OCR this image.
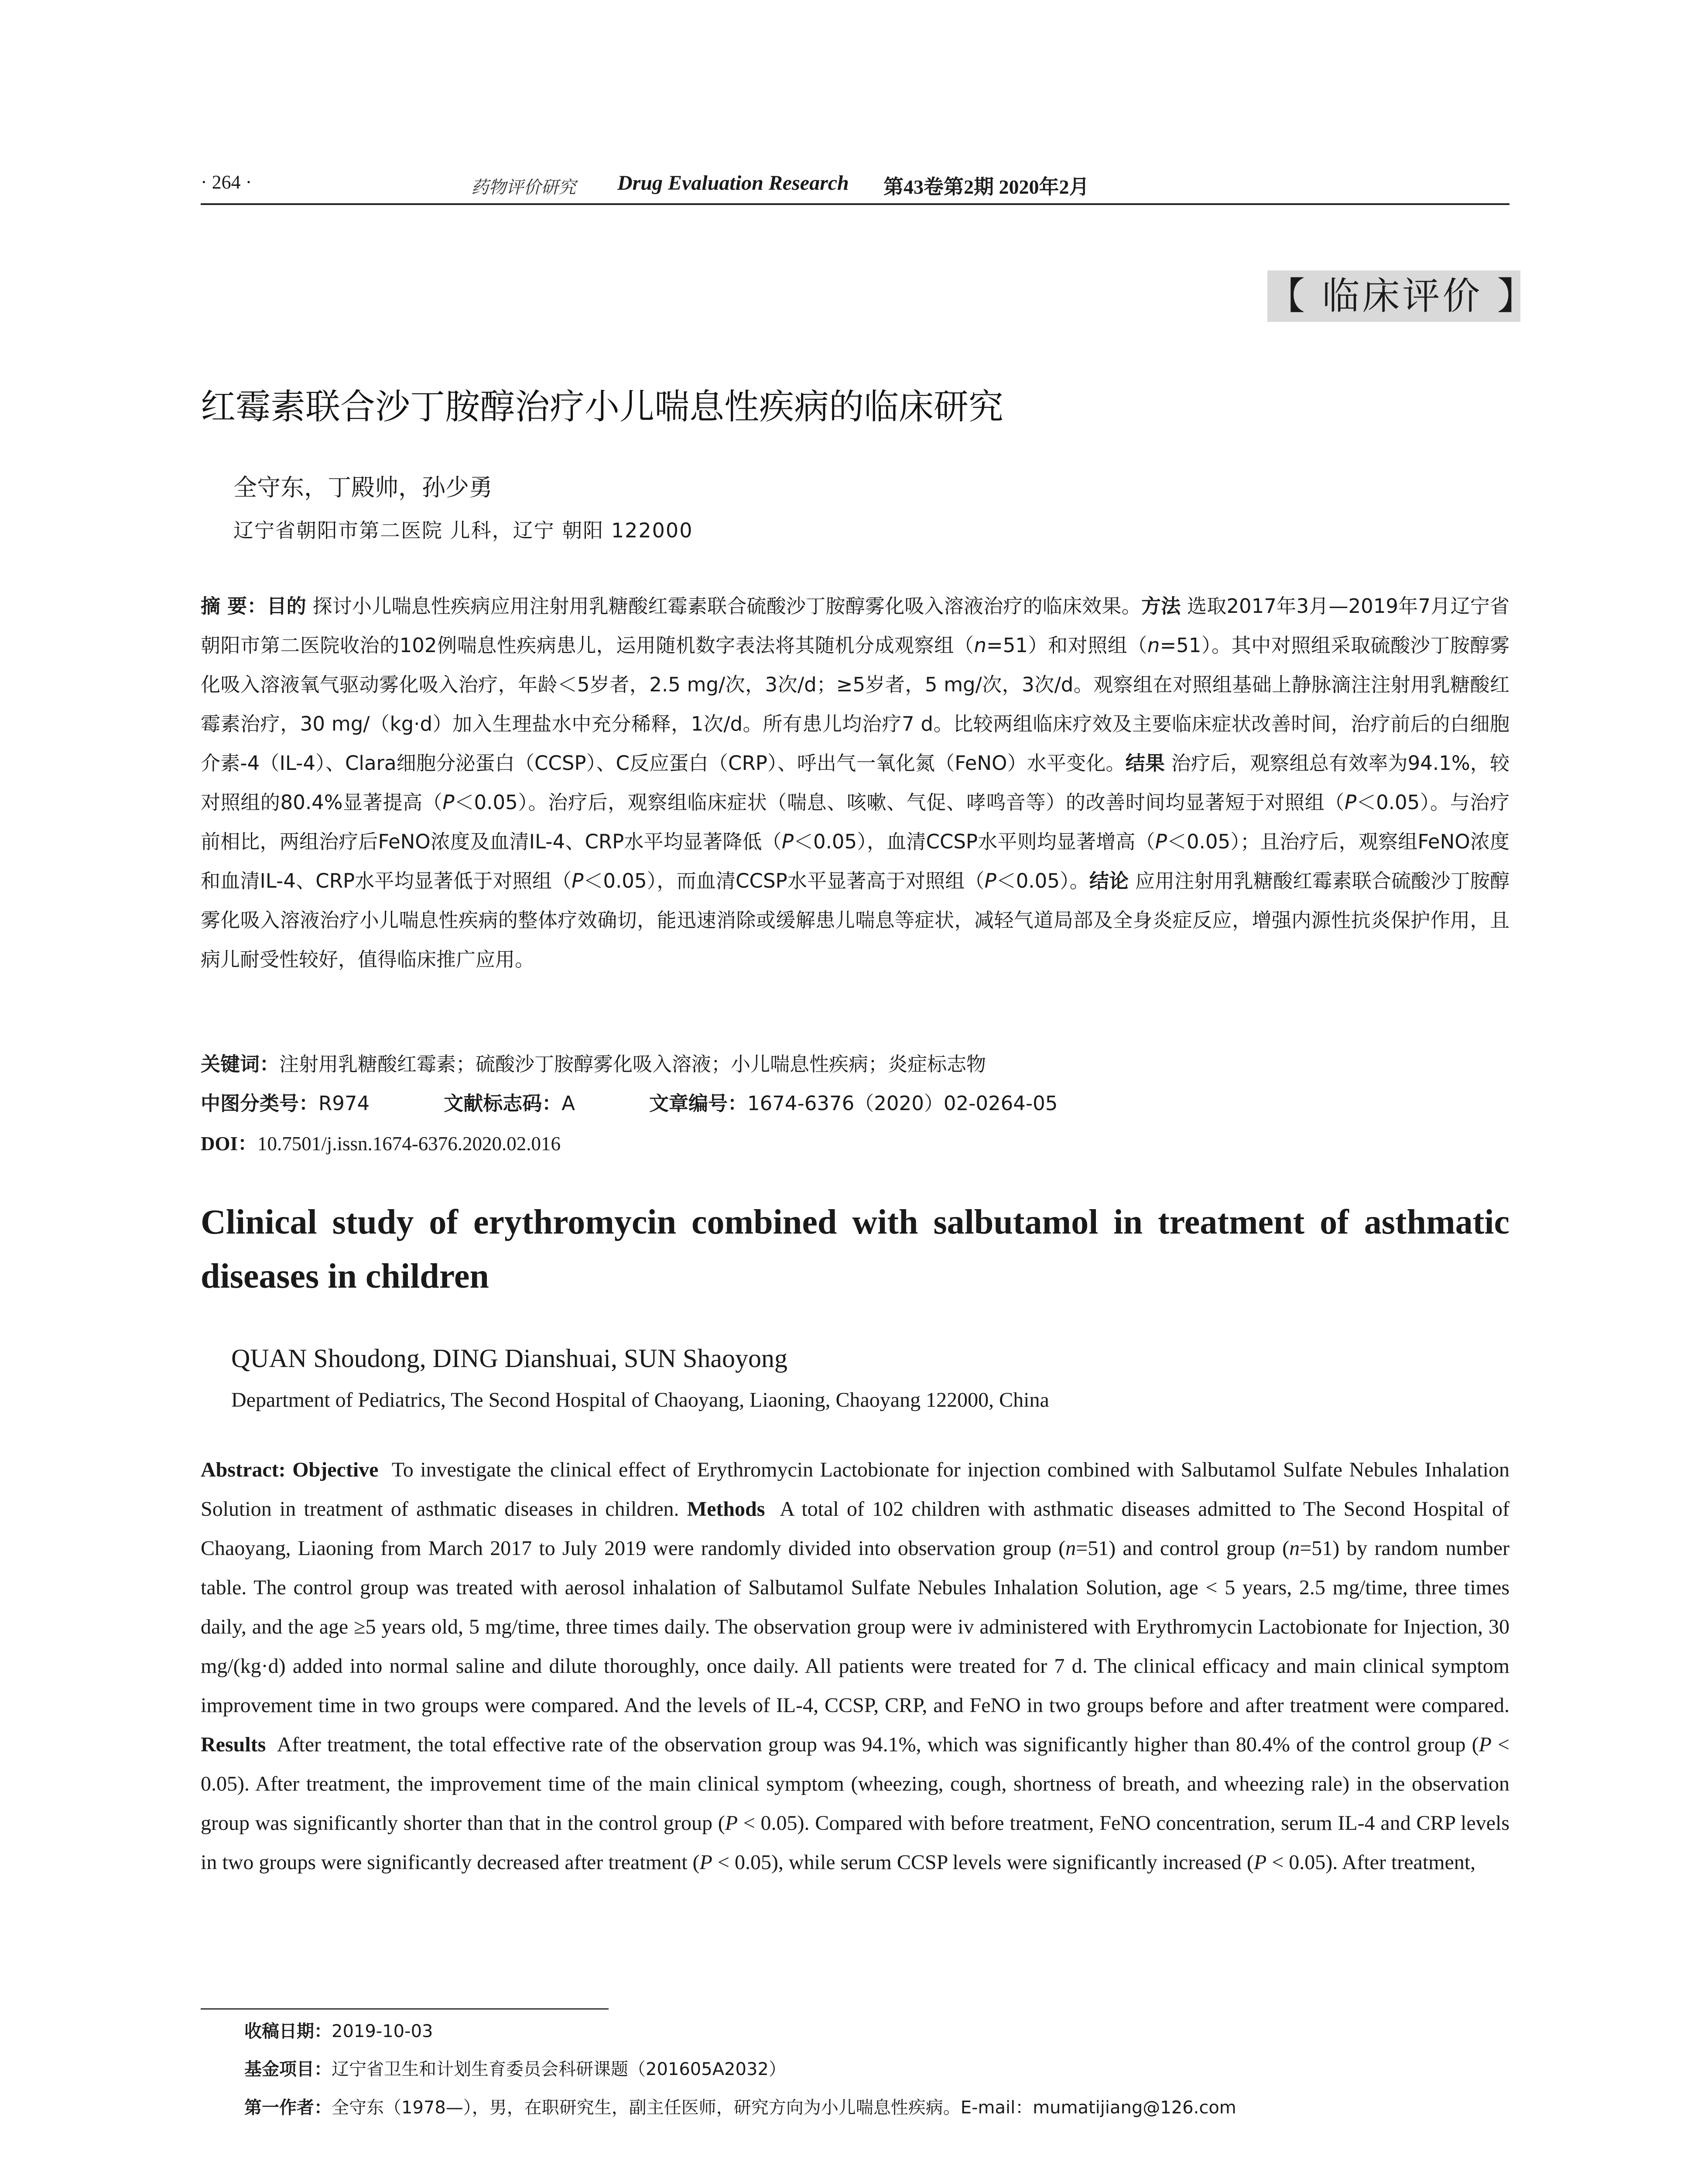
· 264 ·	药物评价研究 Drug Evaluation Research 第43卷第2期 2020年2月
【 临床评价 】
红霉素联合沙丁胺醇治疗小儿喘息性疾病的临床研究
全守东，丁殿帅，孙少勇
辽宁省朝阳市第二医院 儿科，辽宁 朝阳 122000
摘 要：目的 探讨小儿喘息性疾病应用注射用乳糖酸红霉素联合硫酸沙丁胺醇雾化吸入溶液治疗的临床效果。方法 选取2017年3月—2019年7月辽宁省朝阳市第二医院收治的102例喘息性疾病患儿，运用随机数字表法将其随机分成观察组（n=51）和对照组（n=51）。其中对照组采取硫酸沙丁胺醇雾化吸入溶液氧气驱动雾化吸入治疗，年龄＜5岁者，2.5 mg/次，3次/d；≥5岁者，5 mg/次，3次/d。观察组在对照组基础上静脉滴注注射用乳糖酸红霉素治疗，30 mg/（kg·d）加入生理盐水中充分稀释，1次/d。所有患儿均治疗7 d。比较两组临床疗效及主要临床症状改善时间，治疗前后的白细胞介素-4（IL-4）、Clara细胞分泌蛋白（CCSP）、C反应蛋白（CRP）、呼出气一氧化氮（FeNO）水平变化。结果 治疗后，观察组总有效率为94.1%，较对照组的80.4%显著提高（P＜0.05）。治疗后，观察组临床症状（喘息、咳嗽、气促、哮鸣音等）的改善时间均显著短于对照组（P＜0.05）。与治疗前相比，两组治疗后FeNO浓度及血清IL-4、CRP水平均显著降低（P＜0.05），血清CCSP水平则均显著增高（P＜0.05）；且治疗后，观察组FeNO浓度和血清IL-4、CRP水平均显著低于对照组（P＜0.05），而血清CCSP水平显著高于对照组（P＜0.05）。结论 应用注射用乳糖酸红霉素联合硫酸沙丁胺醇雾化吸入溶液治疗小儿喘息性疾病的整体疗效确切，能迅速消除或缓解患儿喘息等症状，减轻气道局部及全身炎症反应，增强内源性抗炎保护作用，且病儿耐受性较好，值得临床推广应用。
关键词：注射用乳糖酸红霉素；硫酸沙丁胺醇雾化吸入溶液；小儿喘息性疾病；炎症标志物
中图分类号：R974	文献标志码：A	文章编号：1674-6376（2020）02-0264-05
DOI：10.7501/j.issn.1674-6376.2020.02.016
Clinical study of erythromycin combined with salbutamol in treatment of asthmatic diseases in children
QUAN Shoudong, DING Dianshuai, SUN Shaoyong
Department of Pediatrics, The Second Hospital of Chaoyang, Liaoning, Chaoyang 122000, China
Abstract: Objective To investigate the clinical effect of Erythromycin Lactobionate for injection combined with Salbutamol Sulfate Nebules Inhalation Solution in treatment of asthmatic diseases in children. Methods A total of 102 children with asthmatic diseases admitted to The Second Hospital of Chaoyang, Liaoning from March 2017 to July 2019 were randomly divided into observation group (n=51) and control group (n=51) by random number table. The control group was treated with aerosol inhalation of Salbutamol Sulfate Nebules Inhalation Solution, age < 5 years, 2.5 mg/time, three times daily, and the age ≥5 years old, 5 mg/time, three times daily. The observation group were iv administered with Erythromycin Lactobionate for Injection, 30 mg/(kg·d) added into normal saline and dilute thoroughly, once daily. All patients were treated for 7 d. The clinical efficacy and main clinical symptom improvement time in two groups were compared. And the levels of IL-4, CCSP, CRP, and FeNO in two groups before and after treatment were compared. Results After treatment, the total effective rate of the observation group was 94.1%, which was significantly higher than 80.4% of the control group (P < 0.05). After treatment, the improvement time of the main clinical symptom (wheezing, cough, shortness of breath, and wheezing rale) in the observation group was significantly shorter than that in the control group (P < 0.05). Compared with before treatment, FeNO concentration, serum IL-4 and CRP levels in two groups were significantly decreased after treatment (P < 0.05), while serum CCSP levels were significantly increased (P < 0.05). After treatment,
收稿日期：2019-10-03
基金项目：辽宁省卫生和计划生育委员会科研课题（201605A2032）
第一作者：全守东（1978—），男，在职研究生，副主任医师，研究方向为小儿喘息性疾病。E-mail：mumatijiang@126.com
